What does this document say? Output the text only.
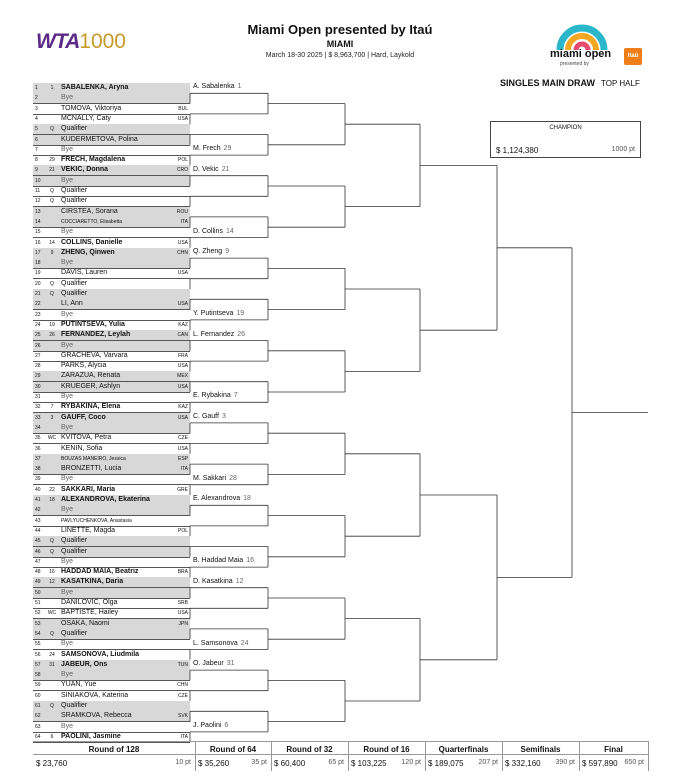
WTA1000
Miami Open presented by Itaú
MIAMI
March 18-30 2025 | $ 8,963,700 | Hard, Laykold	miami open
presented by
itaú
SINGLES MAIN DRAW TOP HALF
CHAMPION
$ 1,124,380	1000 pt
1	1	SABALENKA, Aryna
2	Bye
3	TOMOVA, Viktoriya	BUL
4	MCNALLY, Caty	USA
5	Q	Qualifier
6	KUDERMETOVA, Polina
7	Bye
8	29 FRECH, Magdalena	POL
9	21 VEKIC, Donna	CRO
10	Bye
11	Q	Qualifier
12	Q	Qualifier
13	CIRSTEA, Sorana	ROU
14	COCCIARETTO, Elisabetta	ITA
15	Bye
16	14 COLLINS, Danielle	USA
17	9	ZHENG, Qinwen	CHN
18	Bye
19	DAVIS, Lauren	USA
20	Q	Qualifier
21	Q	Qualifier
22	LI, Ann	USA
23	Bye
24	19 PUTINTSEVA, Yulia	KAZ
25	26 FERNANDEZ, Leylah	CAN
26	Bye
27	GRACHEVA, Varvara	FRA
28	PARKS, Alycia	USA
29	ZARAZUA, Renata	MEX
30	KRUEGER, Ashlyn	USA
31	Bye
32	7	RYBAKINA, Elena	KAZ
33	3	GAUFF, Coco	USA
34	Bye
35	WC KVITOVA, Petra	CZE
36	KENIN, Sofia	USA
37	BOUZAS MANEIRO, Jessica	ESP
38	BRONZETTI, Lucia	ITA
39	Bye
40	22 SAKKARI, Maria	GRE
41	18 ALEXANDROVA, Ekaterina
42	Bye
43	PAVLYUCHENKOVA, Anastasia
44	LINETTE, Magda	POL
45	Q	Qualifier
46	Q	Qualifier
47	Bye
48	16 HADDAD MAIA, Beatriz	BRA
49	12 KASATKINA, Daria
50	Bye
51	DANILOVIC, Olga	SRB
52	WC BAPTISTE, Hailey	USA
53	OSAKA, Naomi	JPN
54	Q	Qualifier
55	Bye
56	24 SAMSONOVA, Liudmila
57	31 JABEUR, Ons	TUN
58	Bye
59	YUAN, Yue	CHN
60	SINIAKOVA, Katerina	CZE
61	Q	Qualifier
62	SRAMKOVA, Rebecca	SVK
63	Bye
64	6	PAOLINI, Jasmine	ITA
A. Sabalenka 1
M. Frech 29
D. Vekic 21
D. Collins 14
Q. Zheng 9
Y. Putintseva 19
L. Fernandez 26
E. Rybakina 7
C. Gauff 3
M. Sakkari 28
E. Alexandrova 18
B. Haddad Maia 16
D. Kasatkina 12
L. Samsonova 24
O. Jabeur 31
J. Paolini 6
Round of 128
$ 23,760	10 pt
Round of 64
$ 35,260	35 pt
Round of 32
$ 60,400	65 pt
Round of 16
$ 103,225 120 pt
Quarterfinals
$ 189,075 207 pt
Semifinals
$ 332,160 390 pt
Final
$ 597,890 650 pt
